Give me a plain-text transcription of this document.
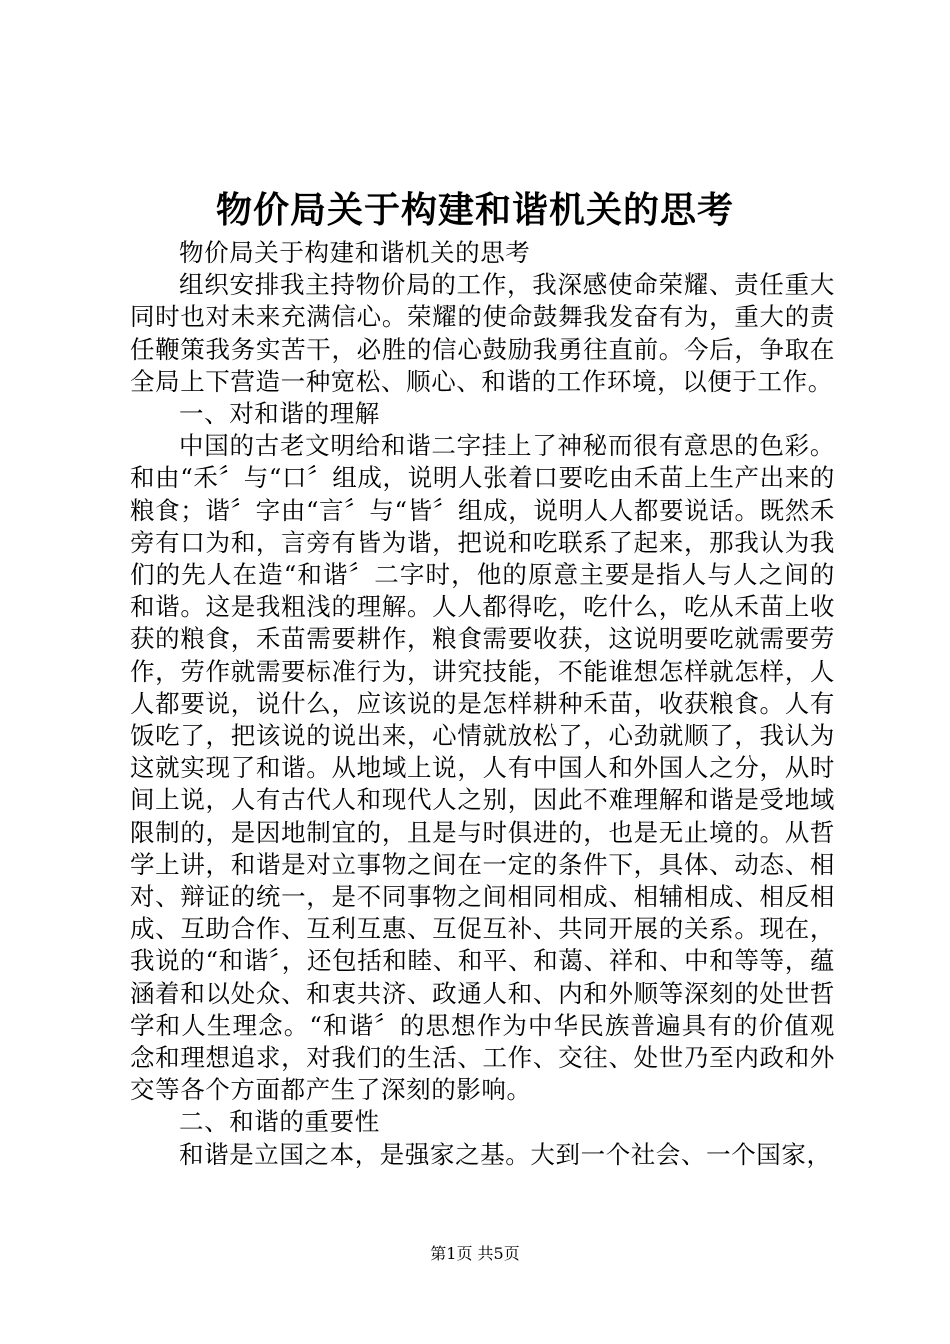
物价局关于构建和谐机关的思考

物价局关于构建和谐机关的思考

组织安排我主持物价局的工作，我深感使命荣耀、责任重大同时也对未来充满信心。荣耀的使命鼓舞我发奋有为，重大的责任鞭策我务实苦干，必胜的信心鼓励我勇往直前。今后，争取在全局上下营造一种宽松、顺心、和谐的工作环境，以便于工作。

一、对和谐的理解

中国的古老文明给和谐二字挂上了神秘而很有意思的色彩。和由“禾〞与“口〞组成，说明人张着口要吃由禾苗上生产出来的粮食；谐〞字由“言〞与“皆〞组成，说明人人都要说话。既然禾旁有口为和，言旁有皆为谐，把说和吃联系了起来，那我认为我们的先人在造“和谐〞二字时，他的原意主要是指人与人之间的和谐。这是我粗浅的理解。人人都得吃，吃什么，吃从禾苗上收获的粮食，禾苗需要耕作，粮食需要收获，这说明要吃就需要劳作，劳作就需要标准行为，讲究技能，不能谁想怎样就怎样，人人都要说，说什么，应该说的是怎样耕种禾苗，收获粮食。人有饭吃了，把该说的说出来，心情就放松了，心劲就顺了，我认为这就实现了和谐。从地域上说，人有中国人和外国人之分，从时间上说，人有古代人和现代人之别，因此不难理解和谐是受地域限制的，是因地制宜的，且是与时俱进的，也是无止境的。从哲学上讲，和谐是对立事物之间在一定的条件下，具体、动态、相对、辩证的统一，是不同事物之间相同相成、相辅相成、相反相成、互助合作、互利互惠、互促互补、共同开展的关系。现在，我说的“和谐〞，还包括和睦、和平、和蔼、祥和、中和等等，蕴涵着和以处众、和衷共济、政通人和、内和外顺等深刻的处世哲学和人生理念。“和谐〞的思想作为中华民族普遍具有的价值观念和理想追求，对我们的生活、工作、交往、处世乃至内政和外交等各个方面都产生了深刻的影响。

二、和谐的重要性

和谐是立国之本，是强家之基。大到一个社会、一个国家，

第1页 共5页
